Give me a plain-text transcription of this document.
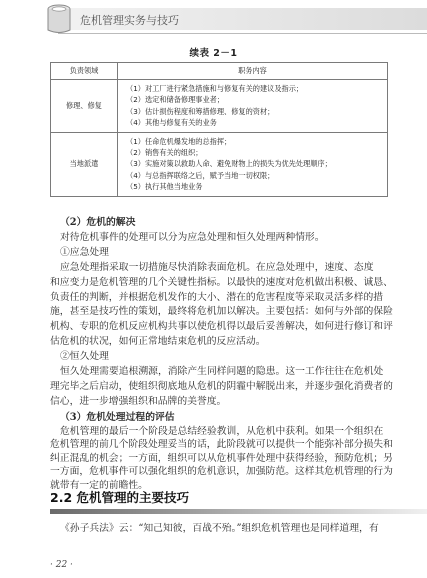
危机管理实务与技巧
续表 2－1
负责领域	职务内容
修理、修复	（1）对工厂进行紧急措施和与修复有关的建议及指示；
（2）选定和储备修理事业者；
（3）估计损伤程度和筹措修理、修复的资材；
（4）其他与修复有关的业务

当地派遣	（1）任命危机爆发地的总指挥；
（2）销售有关的组织；
（3）实施对策以救助人命、避免财物上的损失为优先处理顺序；
（4）与总指挥联络之后，赋予当地一切权限；
（5）执行其他当地业务
（2）危机的解决
对待危机事件的处理可以分为应急处理和恒久处理两种情形。
①应急处理
应急处理指采取一切措施尽快消除表面危机。在应急处理中，速度、态度
和应变力是危机管理的几个关键性指标。以最快的速度对危机做出积极、诚恳、
负责任的判断，并根据危机发作的大小、潜在的危害程度等采取灵活多样的措
施，甚至是技巧性的策划，最终将危机加以解决。主要包括：如何与外部的保险
机构、专职的危机反应机构共事以使危机得以最后妥善解决，如何进行修订和评
估危机的状况，如何正常地结束危机的反应活动。
②恒久处理
恒久处理需要追根溯源，消除产生同样问题的隐患。这一工作往往在危机处
理完毕之后启动，使组织彻底地从危机的阴霾中解脱出来，并逐步强化消费者的
信心，进一步增强组织和品牌的美誉度。
（3）危机处理过程的评估
危机管理的最后一个阶段是总结经验教训，从危机中获利。如果一个组织在
危机管理的前几个阶段处理妥当的话，此阶段就可以提供一个能弥补部分损失和
纠正混乱的机会；一方面，组织可以从危机事件处理中获得经验，预防危机；另
2.2 危机管理的主要技巧
《孙子兵法》云：“知己知彼，百战不殆。”组织危机管理也是同样道理，有
· 22 ·
一方面，危机事件可以强化组织的危机意识，加强防范。这样其危机管理的行为
就带有一定的前瞻性。
